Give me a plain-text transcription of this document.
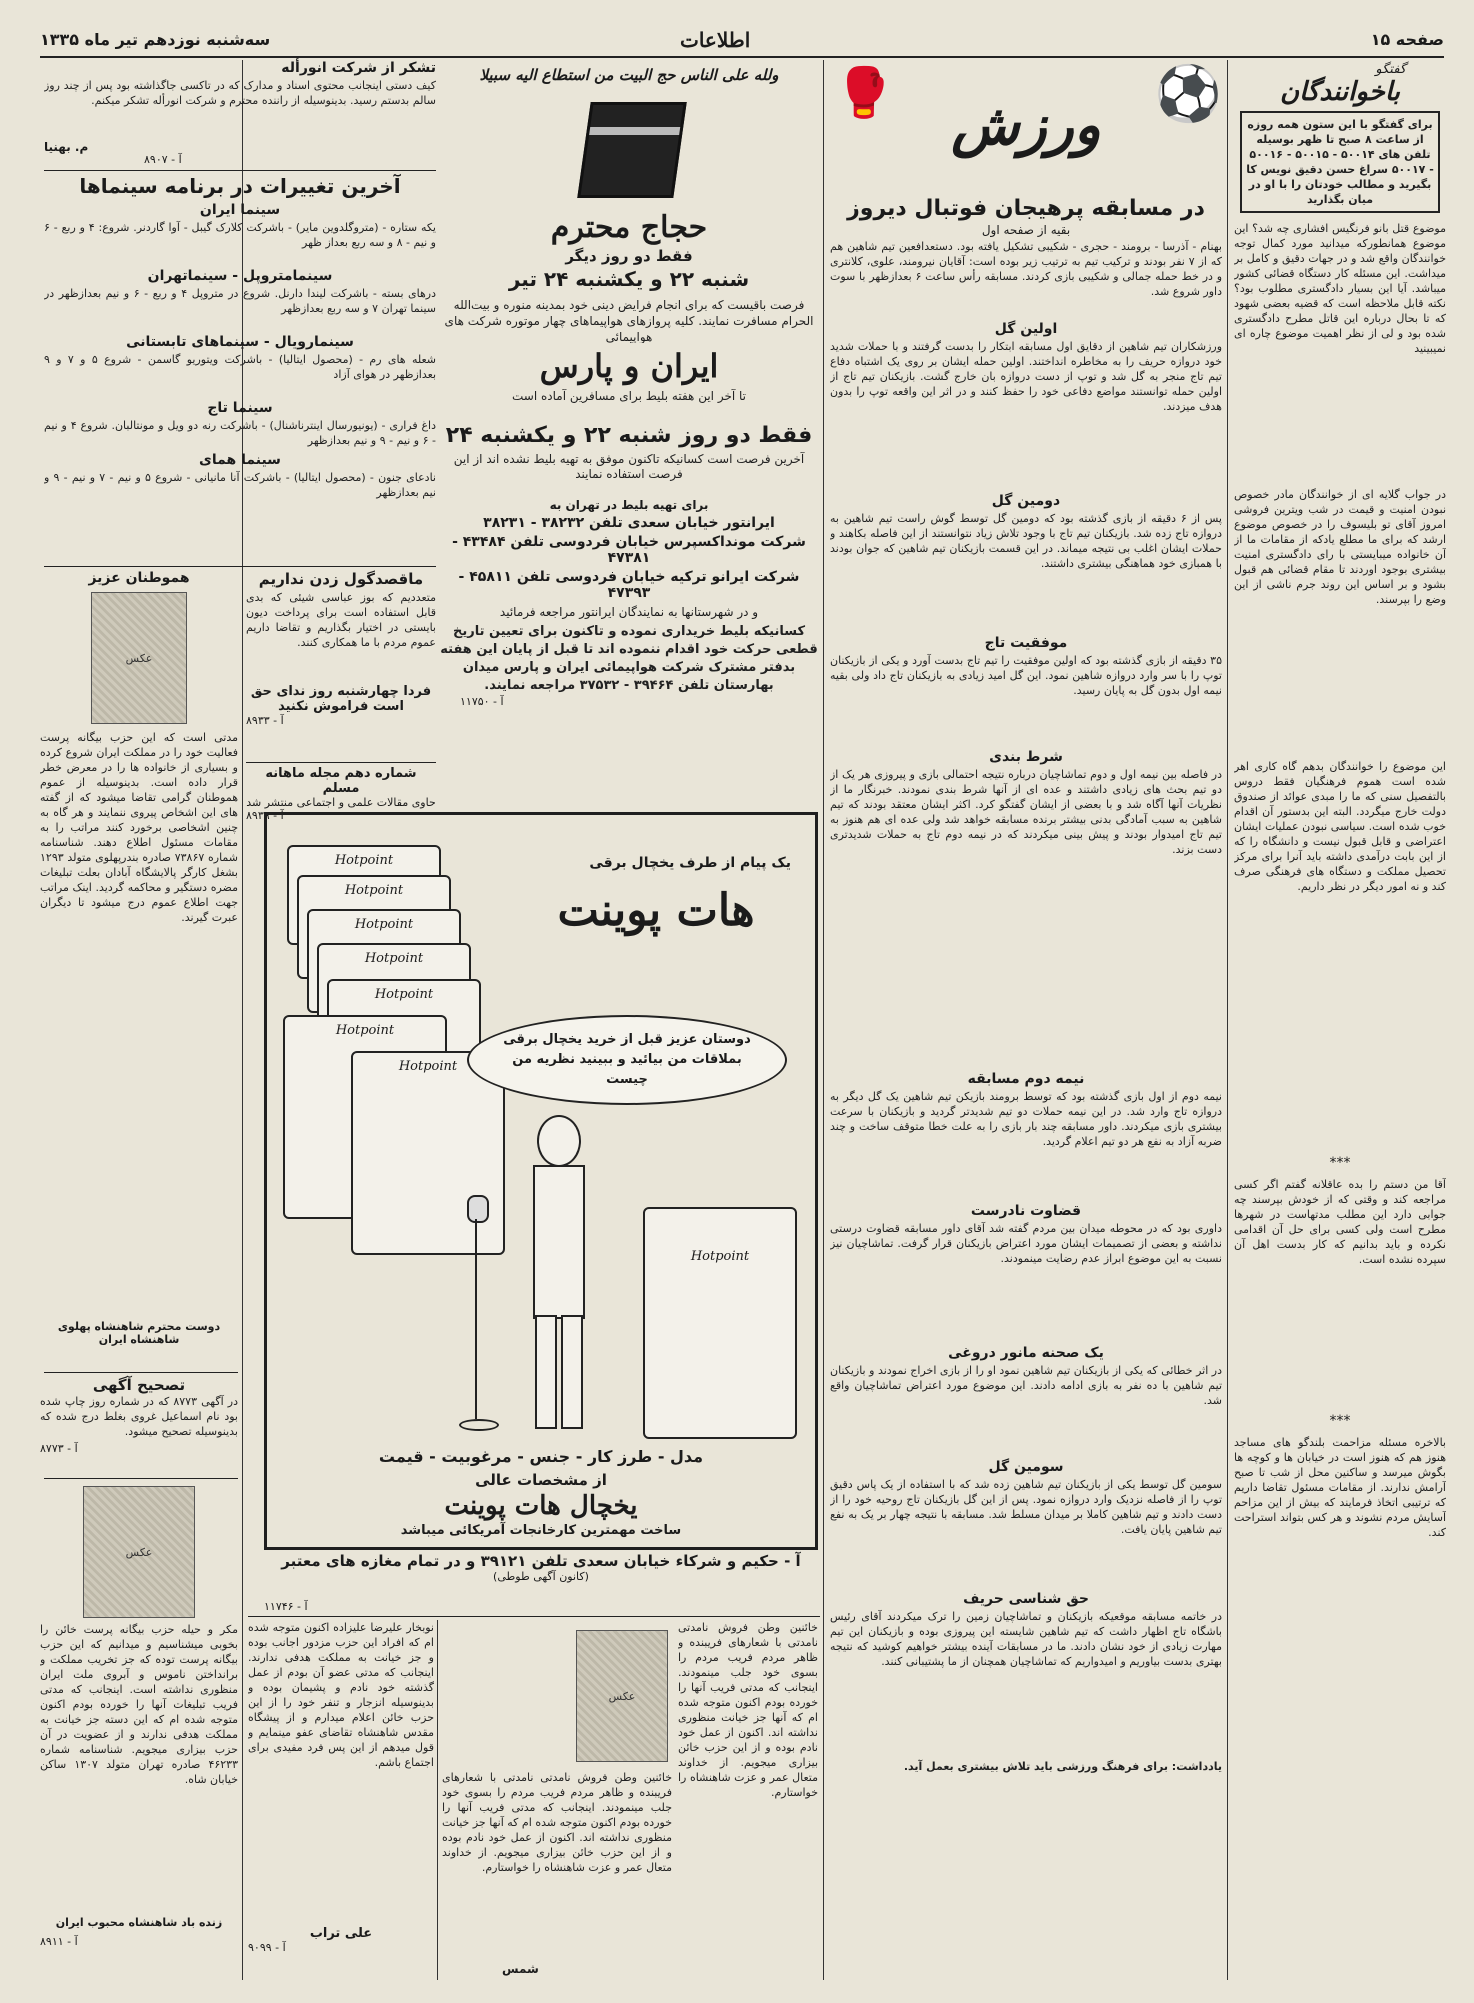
سه‌شنبه نوزدهم تیر ماه ۱۳۳۵	اطلاعات	صفحه ۱۵
گفتگو
باخوانندگان
برای گفتگو با این ستون همه روزه از ساعت ۸ صبح تا ظهر بوسیله تلفن های ۵۰۰۱۴ - ۵۰۰۱۵ - ۵۰۰۱۶ - ۵۰۰۱۷ سراغ حسن دقیق نویس کا بگیرید و مطالب خودتان را با او در میان بگذارید
موضوع قتل بانو فرنگیس افشاری چه شد؟ این موضوع همانطورکه میدانید مورد کمال توجه خوانندگان واقع شد و در جهات دقیق و کامل بر میداشت. این مسئله کار دستگاه قضائی کشور میباشد. آیا این بسیار دادگستری مطلوب بود؟ نکته قابل ملاحظه است که قضیه بعضی شهود که تا بحال درباره این قاتل مطرح دادگستری شده بود و لی از نظر اهمیت موضوع چاره ای نمیبینید
در جواب گلایه ای از خوانندگان مادر خصوص نبودن امنیت و قیمت در شب ویترین فروشی امروز آقای تو بلیسوف را در خصوص موضوع ارشد که برای ما مطلع یادکه از مقامات ما از آن خانواده میبایستی با رای دادگستری امنیت بیشتری بوجود اوردند تا مقام قضائی هم قبول بشود و بر اساس این روند جرم ناشی از این وضع را بپرسند.
این موضوع را خوانندگان بدهم گاه کاری اهر شده است هموم فرهنگیان فقط دروس بالتفصیل سنی که ما را مبدی عوائد از صندوق دولت خارج میگردد. البته این بدستور آن اقدام خوب شده است. سیاسی نبودن عملیات ایشان اعتراضی و قابل قبول نیست و دانشگاه را که از این بابت درآمدی داشته باید آنرا برای مرکز تحصیل مملکت و دستگاه های فرهنگی صرف کند و نه امور دیگر در نظر داریم.
***
آقا من دستم را بده عاقلانه گفتم اگر کسی مراجعه کند و وقتی که از خودش بپرسند چه جوابی دارد این مطلب مدتهاست در شهرها مطرح است ولی کسی برای حل آن اقدامی نکرده و باید بدانیم که کار بدست اهل آن سپرده نشده است.
***
بالاخره مسئله مزاحمت بلندگو های مساجد هنوز هم که هنوز است در خیابان ها و کوچه ها بگوش میرسد و ساکنین محل از شب تا صبح آرامش ندارند. از مقامات مسئول تقاضا داریم که ترتیبی اتخاذ فرمایند که بیش از این مزاحم آسایش مردم نشوند و هر کس بتواند استراحت کند.
⚽
🥊	ورزش
در مسابقه پرهیجان فوتبال دیروز
بقیه از صفحه اول
بهنام - آذرسا - برومند - حجری - شکیبی تشکیل یافته بود. دستعدافعین تیم شاهین هم که از ۷ نفر بودند و ترکیب تیم به ترتیب زیر بوده است: آقایان نیرومند، علوی، کلانتری و در خط حمله جمالی و شکیبی بازی کردند. مسابقه رأس ساعت ۶ بعدازظهر با سوت داور شروع شد.
اولین گل
ورزشکاران تیم شاهین از دقایق اول مسابقه ابتکار را بدست گرفتند و با حملات شدید خود دروازه حریف را به مخاطره انداختند. اولین حمله ایشان بر روی یک اشتباه دفاع تیم تاج منجر به گل شد و توپ از دست دروازه بان خارج گشت. بازیکنان تیم تاج از اولین حمله توانستند مواضع دفاعی خود را حفظ کنند و در اثر این واقعه توپ را بدون هدف میزدند.
دومین گل
پس از ۶ دقیقه از بازی گذشته بود که دومین گل توسط گوش راست تیم شاهین به دروازه تاج زده شد. بازیکنان تیم تاج با وجود تلاش زیاد نتوانستند از این فاصله بکاهند و حملات ایشان اغلب بی نتیجه میماند. در این قسمت بازیکنان تیم شاهین که جوان بودند با همبازی خود هماهنگی بیشتری داشتند.
موفقیت تاج
۳۵ دقیقه از بازی گذشته بود که اولین موفقیت را تیم تاج بدست آورد و یکی از بازیکنان توپ را با سر وارد دروازه شاهین نمود. این گل امید زیادی به بازیکنان تاج داد ولی بقیه نیمه اول بدون گل به پایان رسید.
شرط بندی
در فاصله بین نیمه اول و دوم تماشاچیان درباره نتیجه احتمالی بازی و پیروزی هر یک از دو تیم بحث های زیادی داشتند و عده ای از آنها شرط بندی نمودند. خبرنگار ما از نظریات آنها آگاه شد و با بعضی از ایشان گفتگو کرد. اکثر ایشان معتقد بودند که تیم شاهین به سبب آمادگی بدنی بیشتر برنده مسابقه خواهد شد ولی عده ای هم هنوز به تیم تاج امیدوار بودند و پیش بینی میکردند که در نیمه دوم تاج به حملات شدیدتری دست بزند.
نیمه دوم مسابقه
نیمه دوم از اول بازی گذشته بود که توسط برومند بازیکن تیم شاهین یک گل دیگر به دروازه تاج وارد شد. در این نیمه حملات دو تیم شدیدتر گردید و بازیکنان با سرعت بیشتری بازی میکردند. داور مسابقه چند بار بازی را به علت خطا متوقف ساخت و چند ضربه آزاد به نفع هر دو تیم اعلام گردید.
قضاوت نادرست
داوری بود که در محوطه میدان بین مردم گفته شد آقای داور مسابقه قضاوت درستی نداشته و بعضی از تصمیمات ایشان مورد اعتراض بازیکنان قرار گرفت. تماشاچیان نیز نسبت به این موضوع ابراز عدم رضایت مینمودند.
یک صحنه مانور دروغی
در اثر خطائی که یکی از بازیکنان تیم شاهین نمود او را از بازی اخراج نمودند و بازیکنان تیم شاهین با ده نفر به بازی ادامه دادند. این موضوع مورد اعتراض تماشاچیان واقع شد.
سومین گل
سومین گل توسط یکی از بازیکنان تیم شاهین زده شد که با استفاده از یک پاس دقیق توپ را از فاصله نزدیک وارد دروازه نمود. پس از این گل بازیکنان تاج روحیه خود را از دست دادند و تیم شاهین کاملا بر میدان مسلط شد. مسابقه با نتیجه چهار بر یک به نفع تیم شاهین پایان یافت.
حق شناسی حریف
در خاتمه مسابقه موقعیکه بازیکنان و تماشاچیان زمین را ترک میکردند آقای رئیس باشگاه تاج اظهار داشت که تیم شاهین شایسته این پیروزی بوده و بازیکنان این تیم مهارت زیادی از خود نشان دادند. ما در مسابقات آینده بیشتر خواهیم کوشید که نتیجه بهتری بدست بیاوریم و امیدواریم که تماشاچیان همچنان از ما پشتیبانی کنند.
یادداشت: برای فرهنگ ورزشی باید تلاش بیشتری بعمل آید.
ولله علی الناس حج البیت من استطاع الیه سبیلا
حجاج محترم
فقط دو روز دیگر
شنبه ۲۲ و یکشنبه ۲۴ تیر
فرصت باقیست که برای انجام فرایض دینی خود بمدینه منوره و بیت‌الله الحرام مسافرت نمایند. کلیه پروازهای هواپیماهای چهار موتوره شرکت های هواپیمائی
ایران و پارس
تا آخر این هفته بلیط برای مسافرین آماده است
فقط دو روز شنبه ۲۲ و یکشنبه ۲۴
آخرین فرصت است کسانیکه تاکنون موفق به تهیه بلیط نشده اند از این فرصت استفاده نمایند
برای تهیه بلیط در تهران به
ایرانتور خیابان سعدی تلفن ۳۸۲۳۲ - ۳۸۲۳۱
شرکت مونداکسپرس خیابان فردوسی تلفن ۴۳۴۸۴ - ۴۷۳۸۱
شرکت ایرانو ترکیه خیابان فردوسی تلفن ۴۵۸۱۱ - ۴۷۳۹۳
و در شهرستانها به نمایندگان ایرانتور مراجعه فرمائید
کسانیکه بلیط خریداری نموده و تاکنون برای تعیین تاریخ قطعی حرکت خود اقدام ننموده اند تا قبل از پایان این هفته بدفتر مشترک شرکت هواپیمائی ایران و پارس میدان بهارستان تلفن ۳۹۴۶۴ - ۳۷۵۳۲ مراجعه نمایند.
آ - ۱۱۷۵۰
تشکر از شرکت انورأله
کیف دستی اینجانب محتوی اسناد و مدارک که در تاکسی جاگذاشته بود پس از چند روز سالم بدستم رسید. بدینوسیله از راننده محترم و شرکت انورأله تشکر میکنم.
م. بهنیا
آ - ۸۹۰۷
آخرین تغییرات در برنامه سینماها
سینما ایران
یکه ستاره - (متروگلدوین مایر) - باشرکت کلارک گیبل - آوا گاردنر. شروع: ۴ و ربع - ۶ و نیم - ۸ و سه ربع بعداز ظهر
سینمامتروپل - سینماتهران
درهای بسته - باشرکت لیندا دارنل. شروع در متروپل ۴ و ربع - ۶ و نیم بعدازظهر در سینما تهران ۷ و سه ربع بعدازظهر
سینمارویال - سینماهای تابستانی
شعله های رم - (محصول ایتالیا) - باشرکت ویتوریو گاسمن - شروع ۵ و ۷ و ۹ بعدازظهر در هوای آزاد
سینما تاج
داغ فراری - (یونیورسال اینترناشنال) - باشرکت رنه دو ویل و مونتالبان. شروع ۴ و نیم - ۶ و نیم - ۹ و نیم بعدازظهر
سینما همای
نادعای جنون - (محصول ایتالیا) - باشرکت آنا مانیانی - شروع ۵ و نیم - ۷ و نیم - ۹ و نیم بعدازظهر
هموطنان عزیز
عکس
مدتی است که این حزب بیگانه پرست فعالیت خود را در مملکت ایران شروع کرده و بسیاری از خانواده ها را در معرض خطر قرار داده است. بدینوسیله از عموم هموطنان گرامی تقاضا میشود که از گفته های این اشخاص پیروی ننمایند و هر گاه به چنین اشخاصی برخورد کنند مراتب را به مقامات مسئول اطلاع دهند. شناسنامه شماره ۷۳۸۶۷ صادره بندرپهلوی متولد ۱۲۹۳ بشغل کارگر پالایشگاه آبادان بعلت تبلیغات مضره دستگیر و محاکمه گردید. اینک مراتب جهت اطلاع عموم درج میشود تا دیگران عبرت گیرند.
دوست محترم شاهنشاه پهلوی شاهنشاه ایران
تصحیح آگهی
در آگهی ۸۷۷۳ که در شماره روز چاپ شده بود نام اسماعیل غروی بغلط درج شده که بدینوسیله تصحیح میشود.
آ - ۸۷۷۳
عکس
مکر و حیله حزب بیگانه پرست خائن را بخوبی میشناسیم و میدانیم که این حزب بیگانه پرست توده که جز تخریب مملکت و برانداختن ناموس و آبروی ملت ایران منظوری نداشته است. اینجانب که مدتی فریب تبلیغات آنها را خورده بودم اکنون متوجه شده ام که این دسته جز خیانت به مملکت هدفی ندارند و از عضویت در آن حزب بیزاری میجویم. شناسنامه شماره ۴۶۲۳۳ صادره تهران متولد ۱۳۰۷ ساکن خیابان شاه.
زنده باد شاهنشاه محبوب ایران
آ - ۸۹۱۱
ماقصدگول زدن نداریم
متعددیم که بوز عباسی شیئی که بدی قابل استفاده است برای پرداخت دیون بایستی در اختیار بگذاریم و تقاضا داریم عموم مردم با ما همکاری کنند.
فردا چهارشنبه روز ندای حق است فراموش نکنید
آ - ۸۹۳۳
شماره دهم مجله ماهانه مسلم
حاوی مقالات علمی و اجتماعی منتشر شد
آ - ۸۹۳۹
Hotpoint
Hotpoint
Hotpoint
Hotpoint
Hotpoint
Hotpoint
Hotpoint
Hotpoint
یک پیام از طرف یخچال برقی
هات پوینت
دوستان عزیز قبل از خرید یخچال برقی بملاقات من بیائید و ببینید نظریه من چیست
مدل - طرز کار - جنس - مرغوبیت - قیمت
از مشخصات عالی
یخچال هات پوینت
ساخت مهمترین کارخانجات آمریکائی میباشد
آ - حکیم و شرکاء خیابان سعدی تلفن ۳۹۱۲۱ و در تمام مغازه های معتبر
(کانون آگهی طوطی)
آ - ۱۱۷۴۶
نوبخار علیرضا علیزاده اکنون متوجه شده ام که افراد این حزب مزدور اجانب بوده و جز خیانت به مملکت هدفی ندارند. اینجانب که مدتی عضو آن بودم از عمل گذشته خود نادم و پشیمان بوده و بدینوسیله انزجار و تنفر خود را از این حزب خائن اعلام میدارم و از پیشگاه مقدس شاهنشاه تقاضای عفو مینمایم و قول میدهم از این پس فرد مفیدی برای اجتماع باشم.
علی تراب
آ - ۹۰۹۹
عکس
خائنین وطن فروش نامدتی نامدتی با شعارهای فریبنده و ظاهر مردم فریب مردم را بسوی خود جلب مینمودند. اینجانب که مدتی فریب آنها را خورده بودم اکنون متوجه شده ام که آنها جز خیانت منظوری نداشته اند. اکنون از عمل خود نادم بوده و از این حزب خائن بیزاری میجویم. از خداوند متعال عمر و عزت شاهنشاه را خواستارم.
خائنین وطن فروش نامدتی نامدتی با شعارهای فریبنده و ظاهر مردم فریب مردم را بسوی خود جلب مینمودند. اینجانب که مدتی فریب آنها را خورده بودم اکنون متوجه شده ام که آنها جز خیانت منظوری نداشته اند. اکنون از عمل خود نادم بوده و از این حزب خائن بیزاری میجویم. از خداوند متعال عمر و عزت شاهنشاه را خواستارم.
شمس
